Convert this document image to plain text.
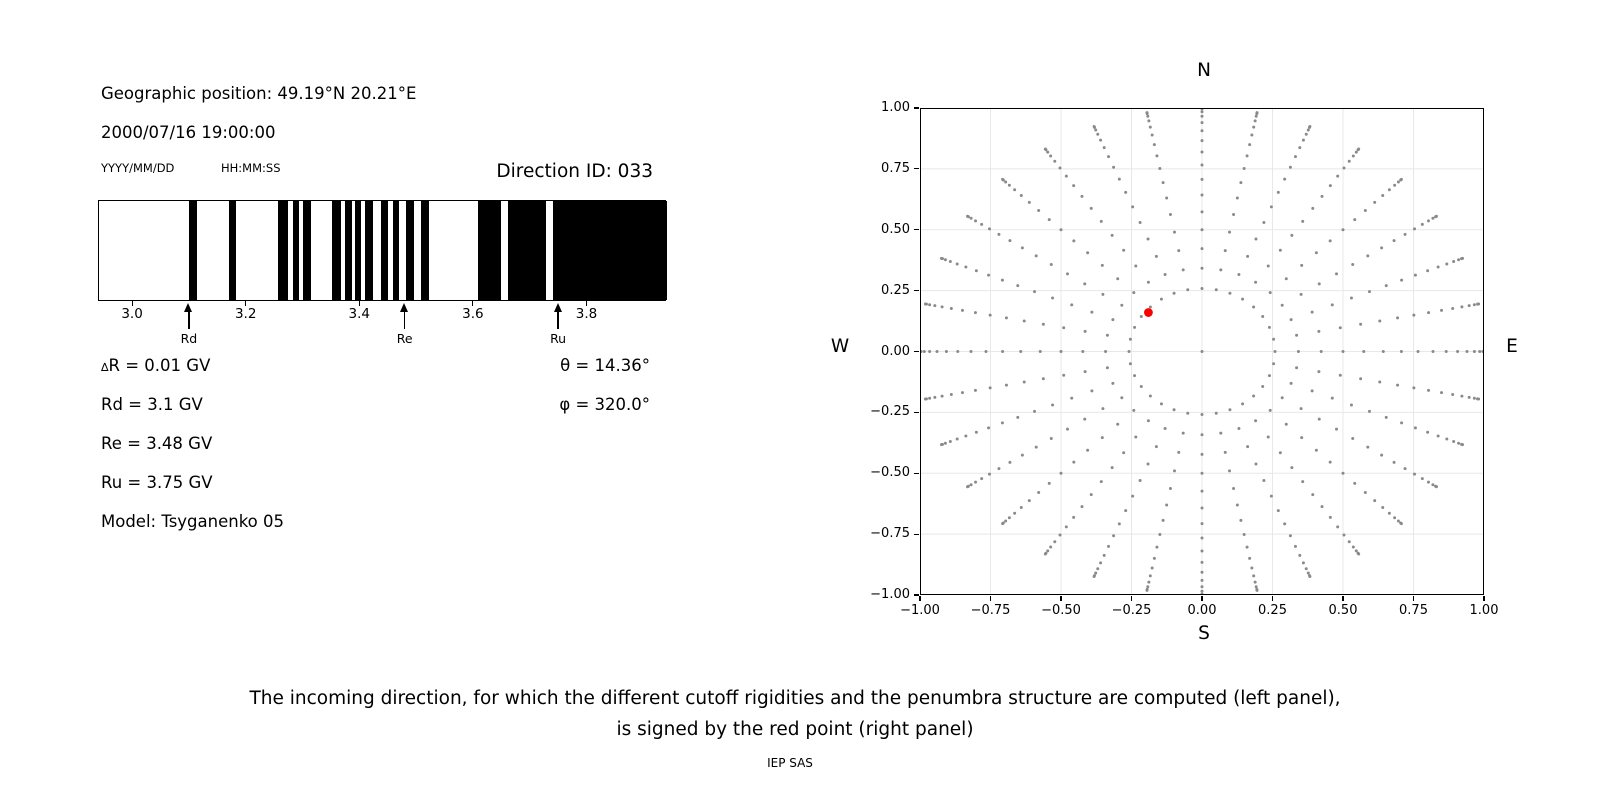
Geographic position: 49.19°N 20.21°E
2000/07/16 19:00:00
YYYY/MM/DD	HH:MM:SS	Direction ID: 033
3.0	3.2	3.4	3.6	3.8
Rd	Re	Ru
∆R = 0.01 GV
Rd = 3.1 GV
Re = 3.48 GV
Ru = 3.75 GV
Model: Tsyganenko 05
θ = 14.36°
φ = 320.0°
1.00
0.75
0.50
0.25
0.00
−0.25
−0.50
−0.75
−1.00
−1.00	−0.75	−0.50	−0.25	0.00	0.25	0.50	0.75	1.00
N
S
W	E
The incoming direction, for which the different cutoff rigidities and the penumbra structure are computed (left panel),
is signed by the red point (right panel)
IEP SAS
